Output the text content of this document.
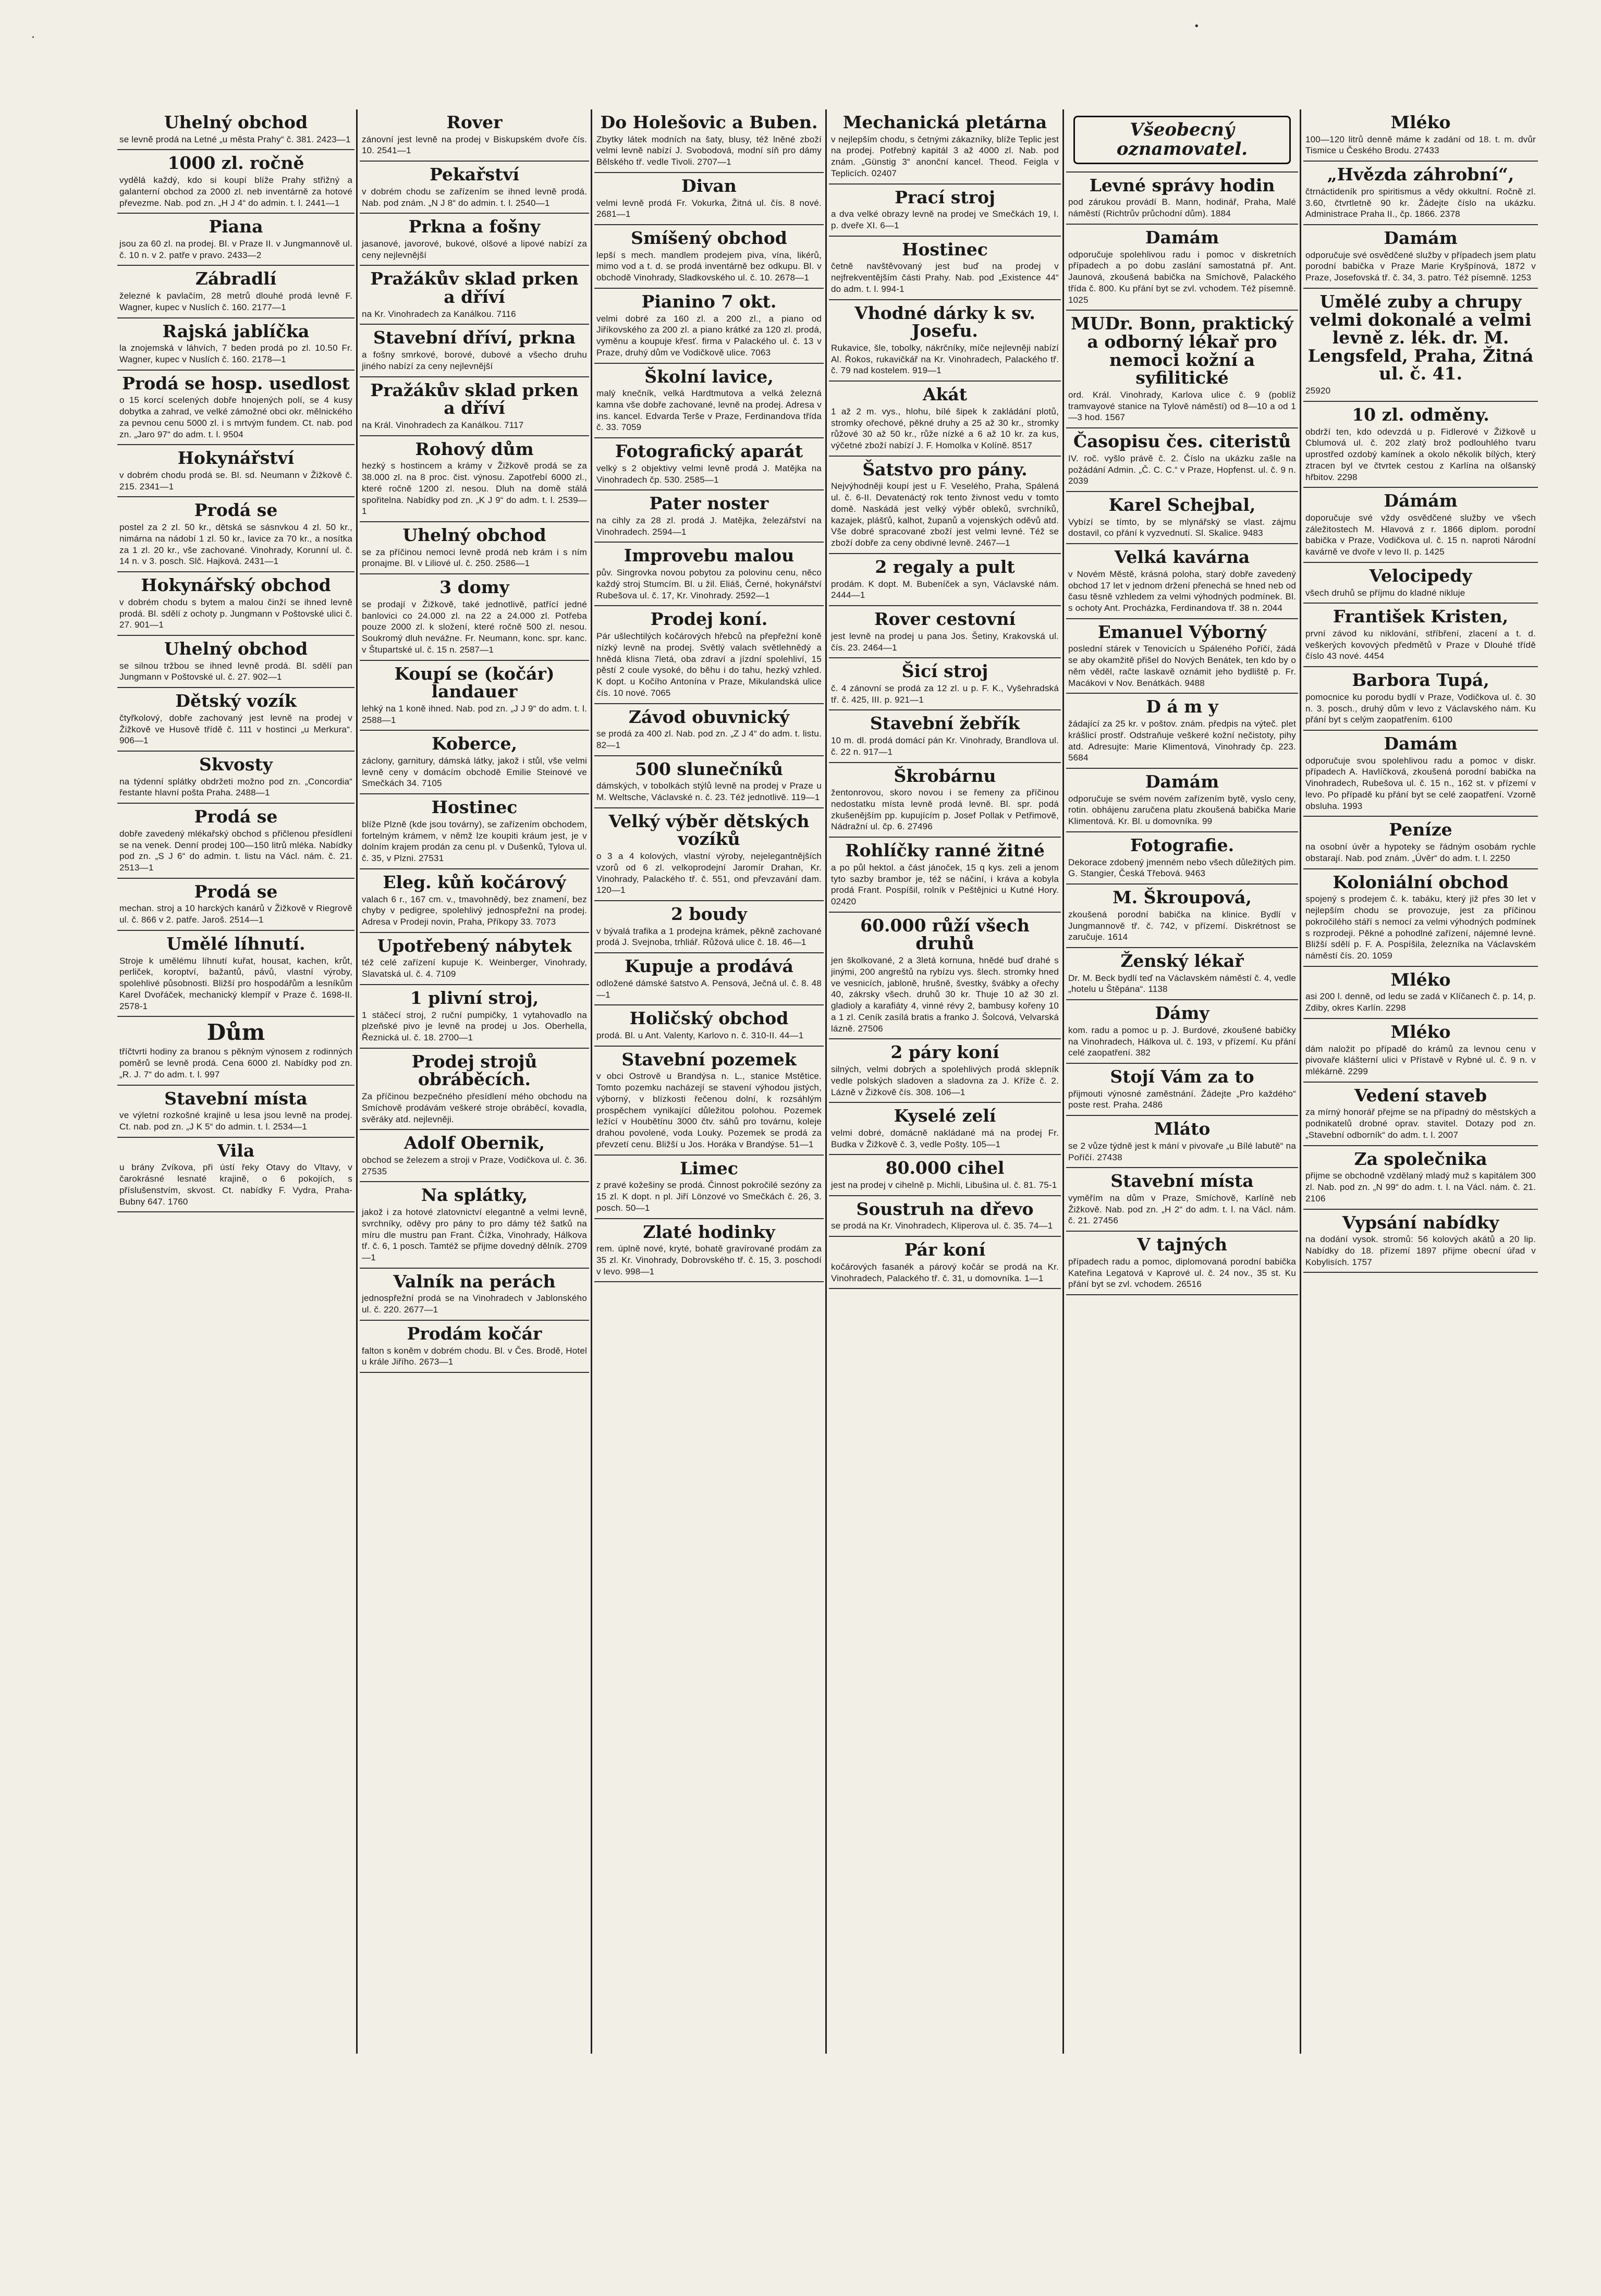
·
•
Uhelný obchod
se levně prodá na Letné „u města Prahy“ č. 381. 2423—1
1000 zl. ročně
vydělá každý, kdo si koupí blíže Prahy střižný a galanterní obchod za 2000 zl. neb inventárně za hotové převezme. Nab. pod zn. „H J 4“ do admin. t. l. 2441—1
Piana
jsou za 60 zl. na prodej. Bl. v Praze II. v Jungmannově ul. č. 10 n. v 2. patře v pravo. 2433—2
Zábradlí
železné k pavlačím, 28 metrů dlouhé prodá levně F. Wagner, kupec v Nuslích č. 160. 2177—1
Rajská jablíčka
la znojemská v láhvích, 7 beden prodá po zl. 10.50 Fr. Wagner, kupec v Nuslích č. 160. 2178—1
Prodá se hosp. usedlost
o 15 korcí scelených dobře hnojených polí, se 4 kusy dobytka a zahrad, ve velké zámožné obci okr. mělnického za pevnou cenu 5000 zl. i s mrtvým fundem. Ct. nab. pod zn. „Jaro 97“ do adm. t. l. 9504
Hokynářství
v dobrém chodu prodá se. Bl. sd. Neumann v Žižkově č. 215. 2341—1
Prodá se
postel za 2 zl. 50 kr., dětská se sásnvkou 4 zl. 50 kr., nimárna na nádobí 1 zl. 50 kr., lavice za 70 kr., a nosítka za 1 zl. 20 kr., vše zachované. Vinohrady, Korunní ul. č. 14 n. v 3. posch. Slč. Hajková. 2431—1
Hokynářský obchod
v dobrém chodu s bytem a malou činží se ihned levně prodá. Bl. sdělí z ochoty p. Jungmann v Poštovské ulici č. 27. 901—1
Uhelný obchod
se silnou tržbou se ihned levně prodá. Bl. sdělí pan Jungmann v Poštovské ul. č. 27. 902—1
Dětský vozík
čtyřkolový, dobře zachovaný jest levně na prodej v Žižkově ve Husově třídě č. 111 v hostinci „u Merkura“. 906—1
Skvosty
na týdenní splátky obdržeti možno pod zn. „Concordia“ řestante hlavní pošta Praha. 2488—1
Prodá se
dobře zavedený mlékařský obchod s přičlenou přesídlení se na venek. Denní prodej 100—150 litrů mléka. Nabídky pod zn. „S J 6“ do admin. t. listu na Václ. nám. č. 21. 2513—1
Prodá se
mechan. stroj a 10 harckých kanárů v Žižkově v Riegrově ul. č. 866 v 2. patře. Jaroš. 2514—1
Umělé líhnutí.
Stroje k umělému líhnutí kuřat, housat, kachen, krůt, perliček, koroptví, bažantů, pávů, vlastní výroby, spolehlivé působnosti. Bližší pro hospodářům a lesníkům Karel Dvořáček, mechanický klempíř v Praze č. 1698-II. 2578-1
Dům
tříčtvrti hodiny za branou s pěkným výnosem z rodinných poměrů se levně prodá. Cena 6000 zl. Nabídky pod zn. „R. J. 7“ do adm. t. l. 997
Stavební místa
ve výletní rozkošné krajině u lesa jsou levně na prodej. Ct. nab. pod zn. „J K 5“ do admin. t. l. 2534—1
Vila
u brány Zvíkova, při ústí řeky Otavy do Vltavy, v čarokrásné lesnaté krajině, o 6 pokojích, s příslušenstvím, skvost. Ct. nabídky F. Vydra, Praha-Bubny 647. 1760
Rover
zánovní jest levně na prodej v Biskupském dvoře čís. 10. 2541—1
Pekařství
v dobrém chodu se zařízením se ihned levně prodá. Nab. pod znám. „N J 8“ do admin. t. l. 2540—1
Prkna a fošny
jasanové, javorové, bukové, olšové a lipové nabízí za ceny nejlevnější
Pražákův sklad prken a dříví
na Kr. Vinohradech za Kanálkou. 7116
Stavební dříví, prkna
a fošny smrkové, borové, dubové a všecho druhu jiného nabízí za ceny nejlevnější
Pražákův sklad prken a dříví
na Král. Vinohradech za Kanálkou. 7117
Rohový dům
hezký s hostincem a krámy v Žižkově prodá se za 38.000 zl. na 8 proc. čist. výnosu. Zapotřebí 6000 zl., které ročně 1200 zl. nesou. Dluh na domě stálá spořitelna. Nabídky pod zn. „K J 9“ do adm. t. l. 2539—1
Uhelný obchod
se za příčinou nemoci levně prodá neb krám i s ním pronajme. Bl. v Liliové ul. č. 250. 2586—1
3 domy
se prodají v Žižkově, také jednotlivě, patřící jedné banlovici co 24.000 zl. na 22 a 24.000 zl. Potřeba pouze 2000 zl. k složení, které ročně 500 zl. nesou. Soukromý dluh nevážne. Fr. Neumann, konc. spr. kanc. v Štupartské ul. č. 15 n. 2587—1
Koupí se (kočár) landauer
lehký na 1 koně ihned. Nab. pod zn. „J J 9“ do adm. t. l. 2588—1
Koberce,
záclony, garnitury, dámská látky, jakož i stůl, vše velmi levně ceny v domácím obchodě Emilie Steinové ve Smečkách 34. 7105
Hostinec
blíže Plzně (kde jsou továrny), se zařízením obchodem, fortelným krámem, v němž lze koupiti kráum jest, je v dolním krajem prodán za cenu pl. v Dušenků, Tylova ul. č. 35, v Plzni. 27531
Eleg. kůň kočárový
valach 6 r., 167 cm. v., tmavohnědý, bez znamení, bez chyby v pedigree, spolehlivý jednospřežní na prodej. Adresa v Prodeji novin, Praha, Příkopy 33. 7073
Upotřebený nábytek
též celé zařízení kupuje K. Weinberger, Vinohrady, Slavatská ul. č. 4. 7109
1 plivní stroj,
1 stáčecí stroj, 2 ruční pumpičky, 1 vytahovadlo na plzeňské pivo je levně na prodej u Jos. Oberhella, Řeznická ul. č. 18. 2700—1
Prodej strojů obráběcích.
Za příčinou bezpečného přesídlení mého obchodu na Smíchově prodávám veškeré stroje obráběcí, kovadla, svěráky atd. nejlevněji.
Adolf Obernik,
obchod se železem a stroji v Praze, Vodičkova ul. č. 36. 27535
Na splátky,
jakož i za hotové zlatovnictví elegantně a velmi levně, svrchníky, oděvy pro pány to pro dámy též šatků na míru dle mustru pan Frant. Čížka, Vinohrady, Hálkova tř. č. 6, 1 posch. Tamtéž se přijme dovedný dělník. 2709—1
Valník na perách
jednospřežní prodá se na Vinohradech v Jablonského ul. č. 220. 2677—1
Prodám kočár
falton s koněm v dobrém chodu. Bl. v Čes. Brodě, Hotel u krále Jiřího. 2673—1
Do Holešovic a Buben.
Zbytky látek modních na šaty, blusy, též lněné zboží velmi levně nabízí J. Svobodová, modní síň pro dámy Bělského tř. vedle Tivoli. 2707—1
Divan
velmi levně prodá Fr. Vokurka, Žitná ul. čís. 8 nové. 2681—1
Smíšený obchod
lepší s mech. mandlem prodejem piva, vína, likérů, mimo vod a t. d. se prodá inventárně bez odkupu. Bl. v obchodě Vinohrady, Sladkovského ul. č. 10. 2678—1
Pianino 7 okt.
velmi dobré za 160 zl. a 200 zl., a piano od Jiříkovského za 200 zl. a piano krátké za 120 zl. prodá, vyměnu a koupuje křesť. firma v Palackého ul. č. 13 v Praze, druhý dům ve Vodičkově ulice. 7063
Školní lavice,
malý knečník, velká Hardtmutova a velká železná kamna vše dobře zachované, levně na prodej. Adresa v ins. kancel. Edvarda Terše v Praze, Ferdinandova třída č. 33. 7059
Fotografický aparát
velký s 2 objektivy velmi levně prodá J. Matějka na Vinohradech čp. 530. 2585—1
Pater noster
na cihly za 28 zl. prodá J. Matějka, železářství na Vinohradech. 2594—1
Improvebu malou
pův. Singrovka novou pobytou za polovinu cenu, něco každý stroj Stumcím. Bl. u žil. Eliáš, Černé, hokynářství Rubešova ul. č. 17, Kr. Vinohrady. 2592—1
Prodej koní.
Pár ušlechtilých kočárových hřebců na přepřežní koně nízký levně na prodej. Světlý valach světlehnědý a hnědá klisna 7letá, oba zdraví a jízdní spolehliví, 15 pěstí 2 coule vysoké, do běhu i do tahu, hezký vzhled. K dopt. u Kočího Antonína v Praze, Mikulandská ulice čís. 10 nové. 7065
Závod obuvnický
se prodá za 400 zl. Nab. pod zn. „Z J 4“ do adm. t. listu. 82—1
500 slunečníků
dámských, v tobolkách stýlů levně na prodej v Praze u M. Weltsche, Václavské n. č. 23. Též jednotlivě. 119—1
Velký výběr dětských vozíků
o 3 a 4 kolových, vlastní výroby, nejelegantnějších vzorů od 6 zl. velkoprodejní Jaromír Drahan, Kr. Vinohrady, Palackého tř. č. 551, ond převzavání dam. 120—1
2 boudy
v bývalá trafika a 1 prodejna krámek, pěkně zachované prodá J. Svejnoba, trhliář. Růžová ulice č. 18. 46—1
Kupuje a prodává
odložené dámské šatstvo A. Pensová, Ječná ul. č. 8. 48—1
Holičský obchod
prodá. Bl. u Ant. Valenty, Karlovo n. č. 310-II. 44—1
Stavební pozemek
v obci Ostrově u Brandýsa n. L., stanice Mstětice. Tomto pozemku nacházejí se stavení výhodou jistých, výborný, v blízkosti řečenou dolní, k rozsáhlým prospěchem vynikající důležitou polohou. Pozemek ležící v Houbětínu 3000 čtv. sáhů pro továrnu, koleje drahou povolené, voda Louky. Pozemek se prodá za převzetí cenu. Bližší u Jos. Horáka v Brandýse. 51—1
Limec
z pravé kožešiny se prodá. Činnost pokročilé sezóny za 15 zl. K dopt. n pl. Jiří Lönzové vo Smečkách č. 26, 3. posch. 50—1
Zlaté hodinky
rem. úplně nové, kryté, bohatě gravírované prodám za 35 zl. Kr. Vinohrady, Dobrovského tř. č. 15, 3. poschodí v levo. 998—1
Mechanická pletárna
v nejlepším chodu, s četnými zákazníky, blíže Teplic jest na prodej. Potřebný kapitál 3 až 4000 zl. Nab. pod znám. „Günstig 3“ anonční kancel. Theod. Feigla v Teplicích. 02407
Prací stroj
a dva velké obrazy levně na prodej ve Smečkách 19, I. p. dveře XI. 6—1
Hostinec
četně navštěvovaný jest buď na prodej v nejfrekventějším části Prahy. Nab. pod „Existence 44“ do adm. t. l. 994-1
Vhodné dárky k sv. Josefu.
Rukavice, šle, tobolky, nákrčníky, míče nejlevněji nabízí Al. Řokos, rukavičkář na Kr. Vinohradech, Palackého tř. č. 79 nad kostelem. 919—1
Akát
1 až 2 m. vys., hlohu, bílé šipek k zakládání plotů, stromky ořechové, pěkné druhy a 25 až 30 kr., stromky růžové 30 až 50 kr., růže nízké a 6 až 10 kr. za kus, výčetné zboží nabízí J. F. Homolka v Kolíně. 8517
Šatstvo pro pány.
Nejvýhodněji koupí jest u F. Veselého, Praha, Spálená ul. č. 6-II. Devatenáctý rok tento živnost vedu v tomto domě. Naskádá jest velký výběr obleků, svrchníků, kazajek, plášťů, kalhot, županů a vojenských oděvů atd. Vše dobré spracované zboží jest velmi levné. Též se zboží dobře za ceny obdivné levně. 2467—1
2 regaly a pult
prodám. K dopt. M. Bubeníček a syn, Václavské nám. 2444—1
Rover cestovní
jest levně na prodej u pana Jos. Šetiny, Krakovská ul. čís. 23. 2464—1
Šicí stroj
č. 4 zánovní se prodá za 12 zl. u p. F. K., Vyšehradská tř. č. 425, III. p. 921—1
Stavební žebřík
10 m. dl. prodá domácí pán Kr. Vinohrady, Brandlova ul. č. 22 n. 917—1
Škrobárnu
žentonrovou, skoro novou i se řemeny za příčinou nedostatku místa levně prodá levně. Bl. spr. podá zkušenějším pp. kupujícím p. Josef Pollak v Petřimově, Nádražní ul. čp. 6. 27496
Rohlíčky ranné žitné
a po půl hektol. a část jánoček, 15 q kys. zeli a jenom tyto sazby brambor je, též se náčiní, i kráva a kobyla prodá Frant. Pospíšil, rolník v Peštějnici u Kutné Hory. 02420
60.000 růží všech druhů
jen školkované, 2 a 3letá kornuna, hnědé buď drahé s jinými, 200 angreštů na rybízu vys. šlech. stromky hned ve vesnicích, jabloně, hrušně, švestky, švábky a ořechy 40, zákrsky všech. druhů 30 kr. Thuje 10 až 30 zl. gladioly a karafiáty 4, vinné révy 2, bambusy kořeny 10 a 1 zl. Ceník zasílá bratis a franko J. Šolcová, Velvarská lázně. 27506
2 páry koní
silných, velmi dobrých a spolehlivých prodá sklepník vedle polských sladoven a sladovna za J. Kříže č. 2. Lázně v Žižkově čís. 308. 106—1
Kyselé zelí
velmi dobré, domácně nakládané má na prodej Fr. Budka v Žižkově č. 3, vedle Pošty. 105—1
80.000 cihel
jest na prodej v cihelně p. Michli, Libušina ul. č. 81. 75-1
Soustruh na dřevo
se prodá na Kr. Vinohradech, Kliperova ul. č. 35. 74—1
Pár koní
kočárových fasanék a párový kočár se prodá na Kr. Vinohradech, Palackého tř. č. 31, u domovníka. 1—1
Všeobecný oznamovatel.
Levné správy hodin
pod zárukou provádí B. Mann, hodinář, Praha, Malé náměstí (Richtrův průchodní dům). 1884
Damám
odporučuje spolehlivou radu i pomoc v diskretních případech a po dobu zaslání samostatná př. Ant. Jaunová, zkoušená babička na Smíchově, Palackého třída č. 800. Ku přání byt se zvl. vchodem. Též písemně. 1025
MUDr. Bonn, praktický a odborný lékař pro nemoci kožní a syfilitické
ord. Král. Vinohrady, Karlova ulice č. 9 (poblíž tramvayové stanice na Tylově náměstí) od 8—10 a od 1—3 hod. 1567
Časopisu čes. citeristů
IV. roč. vyšlo právě č. 2. Číslo na ukázku zašle na požádání Admin. „Č. C. C.“ v Praze, Hopfenst. ul. č. 9 n. 2039
Karel Schejbal,
Vybízí se tímto, by se mlynářský se vlast. zájmu dostavil, co přání k vyzvednutí. Sl. Skalice. 9483
Velká kavárna
v Novém Městě, krásná poloha, starý dobře zavedený obchod 17 let v jednom držení přenechá se hned neb od času těsně vzhledem za velmi výhodných podmínek. Bl. s ochoty Ant. Procházka, Ferdinandova tř. 38 n. 2044
Emanuel Výborný
poslední stárek v Tenovicích u Spáleného Poříčí, žádá se aby okamžitě přišel do Nových Benátek, ten kdo by o něm věděl, račte laskavě oznámit jeho bydliště p. Fr. Macákovi v Nov. Benátkách. 9488
D á m y
žádající za 25 kr. v poštov. znám. předpis na výteč. plet krášlicí prostř. Odstraňuje veškeré kožní nečistoty, pihy atd. Adresujte: Marie Klimentová, Vinohrady čp. 223. 5684
Damám
odporučuje se svém novém zařízením bytě, vyslo ceny, rotin. obhájenu zaručena platu zkoušená babička Marie Klimentová. Kr. Bl. u domovníka. 99
Fotografie.
Dekorace zdobený jmenném nebo všech důležitých pim. G. Stangier, Česká Třebová. 9463
M. Škroupová,
zkoušená porodní babička na klinice. Bydlí v Jungmannově tř. č. 742, v přízemí. Diskrétnost se zaručuje. 1614
Ženský lékař
Dr. M. Beck bydlí teď na Václavském náměstí č. 4, vedle „hotelu u Štěpána“. 1138
Dámy
kom. radu a pomoc u p. J. Burdové, zkoušené babičky na Vinohradech, Hálkova ul. č. 193, v přízemí. Ku přání celé zaopatření. 382
Stojí Vám za to
přijmouti výnosné zaměstnání. Žádejte „Pro každého“ poste rest. Praha. 2486
Mláto
se 2 vůze týdně jest k mání v pivovaře „u Bílé labutě“ na Poříčí. 27438
Stavební místa
vyměřím na dům v Praze, Smíchově, Karlíně neb Žižkově. Nab. pod zn. „H 2“ do adm. t. l. na Václ. nám. č. 21. 27456
V tajných
případech radu a pomoc, diplomovaná porodní babička Kateřina Legatová v Kaprové ul. č. 24 nov., 35 st. Ku přání byt se zvl. vchodem. 26516
Mléko
100—120 litrů denně máme k zadání od 18. t. m. dvůr Tismice u Českého Brodu. 27433
„Hvězda záhrobní“,
čtrnáctideník pro spiritismus a vědy okkultní. Ročně zl. 3.60, čtvrtletně 90 kr. Žádejte číslo na ukázku. Administrace Praha II., čp. 1866. 2378
Damám
odporučuje své osvědčené služby v případech jsem platu porodní babička v Praze Marie Kryšpínová, 1872 v Praze, Josefovská tř. č. 34, 3. patro. Též písemně. 1253
Umělé zuby a chrupy velmi dokonalé a velmi levně z. lék. dr. M. Lengsfeld, Praha, Žitná ul. č. 41.
25920
10 zl. odměny.
obdrží ten, kdo odevzdá u p. Fidlerové v Žižkově u Cblumová ul. č. 202 zlatý brož podlouhlého tvaru uprostřed ozdobý kamínek a okolo několik bílých, který ztracen byl ve čtvrtek cestou z Karlína na olšanský hřbitov. 2298
Dámám
doporučuje své vždy osvědčené služby ve všech záležitostech M. Hlavová z r. 1866 diplom. porodní babička v Praze, Vodičkova ul. č. 15 n. naproti Národní kavárně ve dvoře v levo II. p. 1425
Velocipedy
všech druhů se příjmu do kladné nikluje
František Kristen,
první závod ku niklování, stříbření, zlacení a t. d. veškerých kovových předmětů v Praze v Dlouhé třídě číslo 43 nové. 4454
Barbora Tupá,
pomocnice ku porodu bydlí v Praze, Vodičkova ul. č. 30 n. 3. posch., druhý dům v levo z Václavského nám. Ku přání byt s celým zaopatřením. 6100
Damám
odporučuje svou spolehlivou radu a pomoc v diskr. případech A. Havlíčková, zkoušená porodní babička na Vinohradech, Rubešova ul. č. 15 n., 162 st. v přízemí v levo. Po případě ku přání byt se celé zaopatření. Vzorně obsluha. 1993
Peníze
na osobní úvěr a hypoteky se řádným osobám rychle obstarají. Nab. pod znám. „Úvěr“ do adm. t. l. 2250
Koloniální obchod
spojený s prodejem č. k. tabáku, který již přes 30 let v nejlepším chodu se provozuje, jest za příčinou pokročilého stáří s nemocí za velmi výhodných podmínek s rozprodeji. Pěkné a pohodlné zařízení, nájemné levné. Bližší sdělí p. F. A. Pospíšila, železníka na Václavském náměstí čís. 20. 1059
Mléko
asi 200 l. denně, od ledu se zadá v Klíčanech č. p. 14, p. Zdiby, okres Karlín. 2298
Mléko
dám naložit po případě do krámů za levnou cenu v pivovaře klášterní ulici v Přístavě v Rybné ul. č. 9 n. v mlékárně. 2299
Vedení staveb
za mírný honorář přejme se na případný do městských a podnikatelů drobné oprav. stavitel. Dotazy pod zn. „Stavební odborník“ do adm. t. l. 2007
Za společnika
přijme se obchodně vzdělaný mladý muž s kapitálem 300 zl. Nab. pod zn. „N 99“ do adm. t. l. na Václ. nám. č. 21. 2106
Vypsání nabídky
na dodání vysok. stromů: 56 kolových akátů a 20 lip. Nabídky do 18. přízemí 1897 přijme obecní úřad v Kobylisích. 1757
